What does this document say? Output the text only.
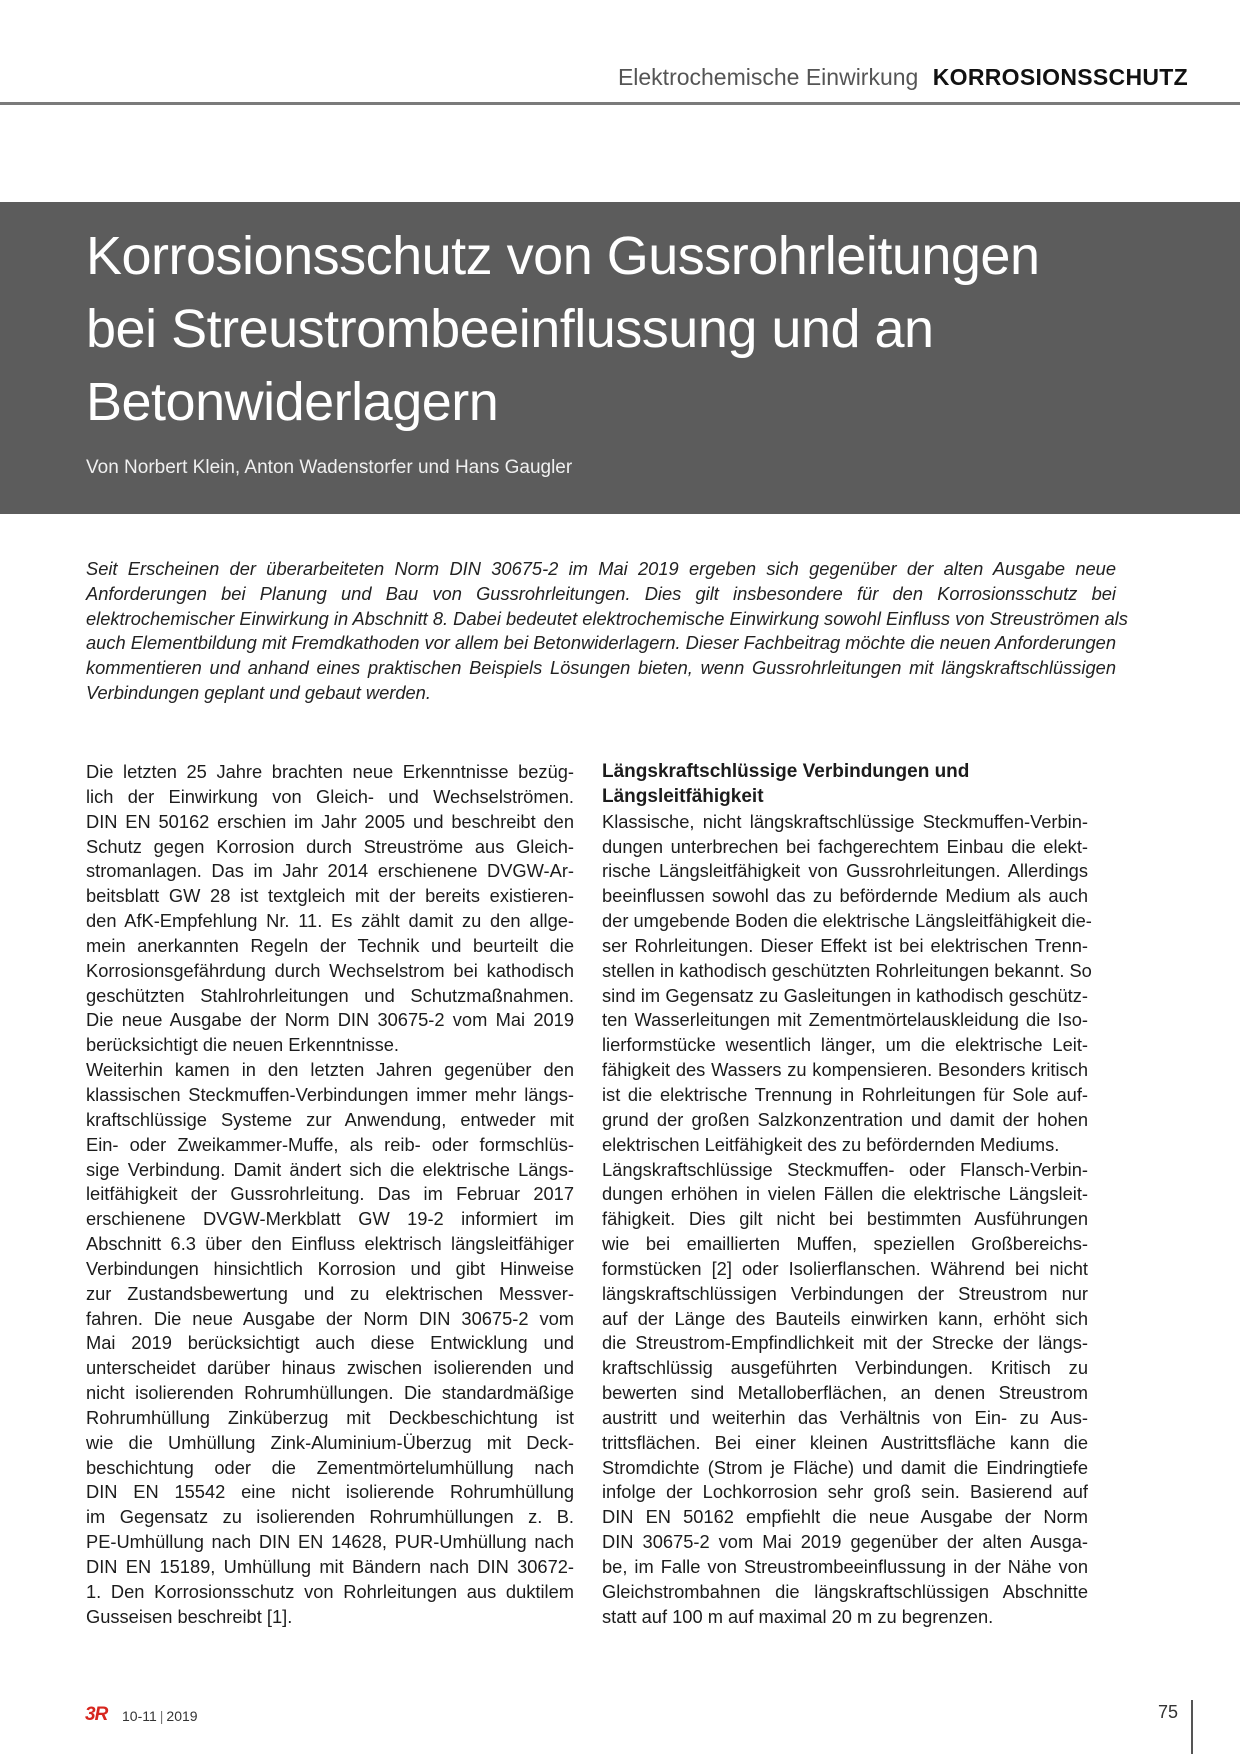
Elektrochemische Einwirkung KORROSIONSSCHUTZ
Korrosionsschutz von Gussrohrleitungen
bei Streustrombeeinflussung und an
Betonwiderlagern
Von Norbert Klein, Anton Wadenstorfer und Hans Gaugler
Seit Erscheinen der überarbeiteten Norm DIN 30675-2 im Mai 2019 ergeben sich gegenüber der alten Ausgabe neue
Anforderungen bei Planung und Bau von Gussrohrleitungen. Dies gilt insbesondere für den Korrosionsschutz bei
elektrochemischer Einwirkung in Abschnitt 8. Dabei bedeutet elektrochemische Einwirkung sowohl Einfluss von Streuströmen als
auch Elementbildung mit Fremdkathoden vor allem bei Betonwiderlagern. Dieser Fachbeitrag möchte die neuen Anforderungen
kommentieren und anhand eines praktischen Beispiels Lösungen bieten, wenn Gussrohrleitungen mit längskraftschlüssigen
Verbindungen geplant und gebaut werden.
Die letzten 25 Jahre brachten neue Erkenntnisse bezüg-
lich der Einwirkung von Gleich- und Wechselströmen.
DIN EN 50162 erschien im Jahr 2005 und beschreibt den
Schutz gegen Korrosion durch Streuströme aus Gleich-
stromanlagen. Das im Jahr 2014 erschienene DVGW-Ar-
beitsblatt GW 28 ist textgleich mit der bereits existieren-
den AfK-Empfehlung Nr. 11. Es zählt damit zu den allge-
mein anerkannten Regeln der Technik und beurteilt die
Korrosionsgefährdung durch Wechselstrom bei kathodisch
geschützten Stahlrohrleitungen und Schutzmaßnahmen.
Die neue Ausgabe der Norm DIN 30675-2 vom Mai 2019
berücksichtigt die neuen Erkenntnisse.
Weiterhin kamen in den letzten Jahren gegenüber den
klassischen Steckmuffen-Verbindungen immer mehr längs-
kraftschlüssige Systeme zur Anwendung, entweder mit
Ein- oder Zweikammer-Muffe, als reib- oder formschlüs-
sige Verbindung. Damit ändert sich die elektrische Längs-
leitfähigkeit der Gussrohrleitung. Das im Februar 2017
erschienene DVGW-Merkblatt GW 19-2 informiert im
Abschnitt 6.3 über den Einfluss elektrisch längsleitfähiger
Verbindungen hinsichtlich Korrosion und gibt Hinweise
zur Zustandsbewertung und zu elektrischen Messver-
fahren. Die neue Ausgabe der Norm DIN 30675-2 vom
Mai 2019 berücksichtigt auch diese Entwicklung und
unterscheidet darüber hinaus zwischen isolierenden und
nicht isolierenden Rohrumhüllungen. Die standardmäßige
Rohrumhüllung Zinküberzug mit Deckbeschichtung ist
wie die Umhüllung Zink-Aluminium-Überzug mit Deck-
beschichtung oder die Zementmörtelumhüllung nach
DIN EN 15542 eine nicht isolierende Rohrumhüllung
im Gegensatz zu isolierenden Rohrumhüllungen z. B.
PE-Umhüllung nach DIN EN 14628, PUR-Umhüllung nach
DIN EN 15189, Umhüllung mit Bändern nach DIN 30672-
1. Den Korrosionsschutz von Rohrleitungen aus duktilem
Gusseisen beschreibt [1].
Längskraftschlüssige Verbindungen und
Längsleitfähigkeit
Klassische, nicht längskraftschlüssige Steckmuffen-Verbin-
dungen unterbrechen bei fachgerechtem Einbau die elekt-
rische Längsleitfähigkeit von Gussrohrleitungen. Allerdings
beeinflussen sowohl das zu befördernde Medium als auch
der umgebende Boden die elektrische Längsleitfähigkeit die-
ser Rohrleitungen. Dieser Effekt ist bei elektrischen Trenn-
stellen in kathodisch geschützten Rohrleitungen bekannt. So
sind im Gegensatz zu Gasleitungen in kathodisch geschütz-
ten Wasserleitungen mit Zementmörtelauskleidung die Iso-
lierformstücke wesentlich länger, um die elektrische Leit-
fähigkeit des Wassers zu kompensieren. Besonders kritisch
ist die elektrische Trennung in Rohrleitungen für Sole auf-
grund der großen Salzkonzentration und damit der hohen
elektrischen Leitfähigkeit des zu befördernden Mediums.
Längskraftschlüssige Steckmuffen- oder Flansch-Verbin-
dungen erhöhen in vielen Fällen die elektrische Längsleit-
fähigkeit. Dies gilt nicht bei bestimmten Ausführungen
wie bei emaillierten Muffen, speziellen Großbereichs-
formstücken [2] oder Isolierflanschen. Während bei nicht
längskraftschlüssigen Verbindungen der Streustrom nur
auf der Länge des Bauteils einwirken kann, erhöht sich
die Streustrom-Empfindlichkeit mit der Strecke der längs-
kraftschlüssig ausgeführten Verbindungen. Kritisch zu
bewerten sind Metalloberflächen, an denen Streustrom
austritt und weiterhin das Verhältnis von Ein- zu Aus-
trittsflächen. Bei einer kleinen Austrittsfläche kann die
Stromdichte (Strom je Fläche) und damit die Eindringtiefe
infolge der Lochkorrosion sehr groß sein. Basierend auf
DIN EN 50162 empfiehlt die neue Ausgabe der Norm
DIN 30675-2 vom Mai 2019 gegenüber der alten Ausga-
be, im Falle von Streustrombeeinflussung in der Nähe von
Gleichstrombahnen die längskraftschlüssigen Abschnitte
statt auf 100 m auf maximal 20 m zu begrenzen.
3R 10-11 | 2019	75
